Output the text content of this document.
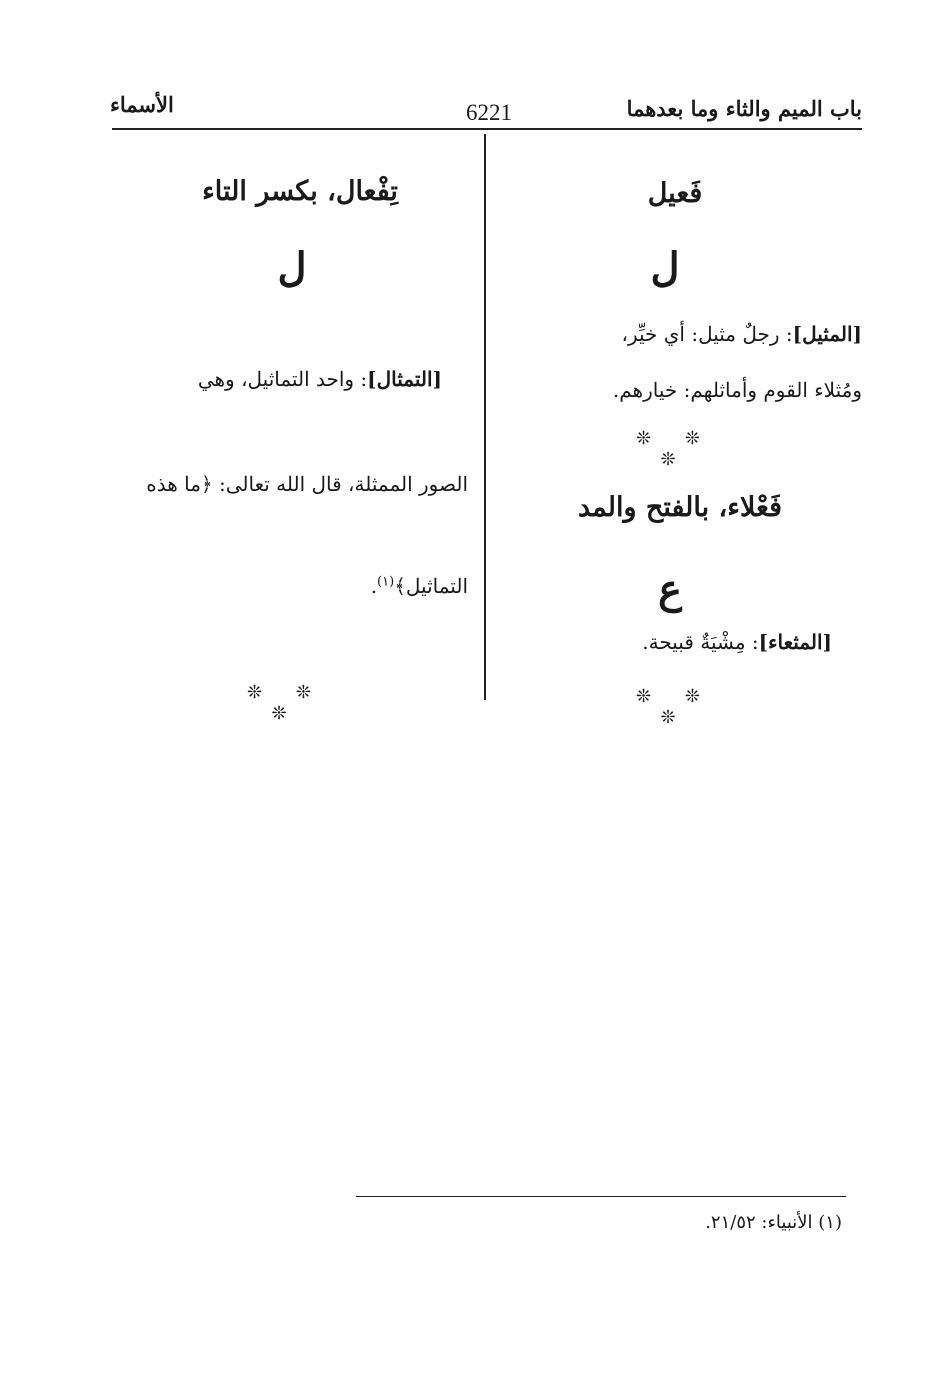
باب الميم والثاء وما بعدهما
6221
الأسماء
فَعيل
ل
[المثيل]: رجلٌ مثيل: أي خيِّر،
ومُثلاء القوم وأماثلهم: خيارهم.
❊ ❊ ❊
فَعْلاء، بالفتح والمد
ع
[المثعاء]: مِشْيَةٌ قبيحة.
❊ ❊ ❊
تِفْعال، بكسر التاء
ل
[التمثال]: واحد التماثيل، وهي
الصور الممثلة، قال الله تعالى: ﴿ما هذه
التماثيل﴾$^{(١)}$.
❊ ❊ ❊
(١) الأنبياء: ٢١/٥٢.
